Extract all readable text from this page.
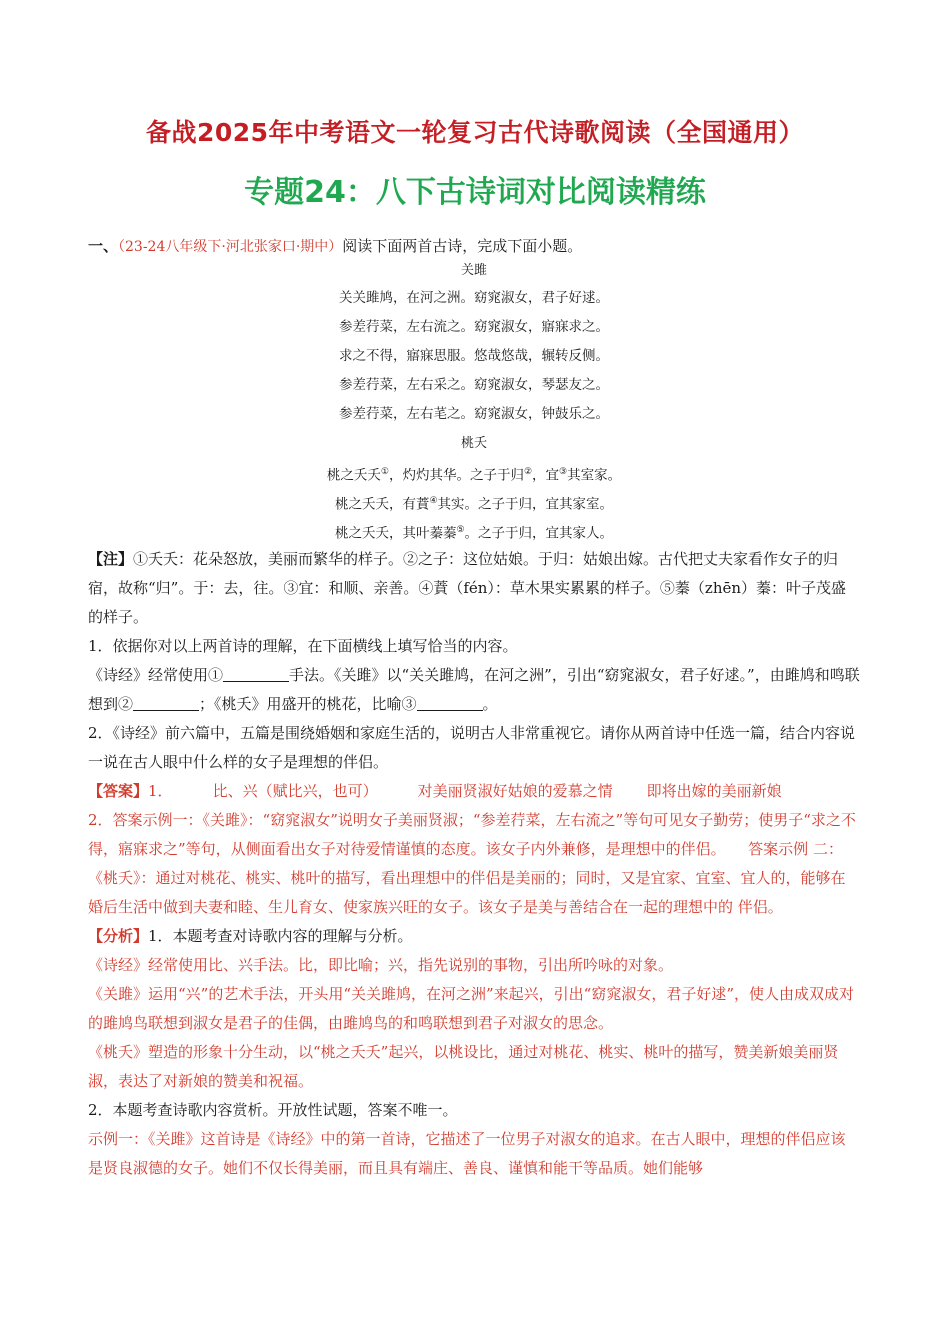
备战2025年中考语文一轮复习古代诗歌阅读（全国通用）
专题24：八下古诗词对比阅读精练
一、（23-24八年级下·河北张家口·期中）阅读下面两首古诗，完成下面小题。
关雎
关关雎鸠，在河之洲。窈窕淑女，君子好逑。
参差荇菜，左右流之。窈窕淑女，寤寐求之。
求之不得，寤寐思服。悠哉悠哉，辗转反侧。
参差荇菜，左右采之。窈窕淑女，琴瑟友之。
参差荇菜，左右芼之。窈窕淑女，钟鼓乐之。
桃夭
桃之夭夭①，灼灼其华。之子于归②，宜③其室家。
桃之夭夭，有蕡④其实。之子于归，宜其家室。
桃之夭夭，其叶蓁蓁⑤。之子于归，宜其家人。

【注】①夭夭：花朵怒放，美丽而繁华的样子。②之子：这位姑娘。于归：姑娘出嫁。古代把丈夫家看作女子的归宿，故称“归”。于：去，往。③宜：和顺、亲善。④蕡（fén）：草木果实累累的样子。⑤蓁（zhēn）蓁：叶子茂盛的样子。

1．依据你对以上两首诗的理解，在下面横线上填写恰当的内容。

《诗经》经常使用①	手法。《关雎》以“关关雎鸠，在河之洲”，引出“窈窕淑女，君子好逑。”，由雎鸠和鸣联想到②	；《桃夭》用盛开的桃花，比喻③	。

2．《诗经》前六篇中，五篇是围绕婚姻和家庭生活的，说明古人非常重视它。请你从两首诗中任选一篇，结合内容说一说在古人眼中什么样的女子是理想的伴侣。

【答案】1．	比、兴（赋比兴，也可）	对美丽贤淑好姑娘的爱慕之情 即将出嫁的美丽新娘

2．答案示例一：《关雎》：“窈窕淑女”说明女子美丽贤淑；“参差荇菜，左右流之”等句可见女子勤劳；使男子“求之不得，寤寐求之”等句，从侧面看出女子对待爱情谨慎的态度。该女子内外兼修，是理想中的伴侣。　　答案示例 二：《桃夭》：通过对桃花、桃实、桃叶的描写，看出理想中的伴侣是美丽的；同时，又是宜家、宜室、宜人的，能够在婚后生活中做到夫妻和睦、生儿育女、使家族兴旺的女子。该女子是美与善结合在一起的理想中的 伴侣。

【分析】1．本题考查对诗歌内容的理解与分析。

《诗经》经常使用比、兴手法。比，即比喻；兴，指先说别的事物，引出所吟咏的对象。

《关雎》运用“兴”的艺术手法，开头用“关关雎鸠，在河之洲”来起兴，引出“窈窕淑女，君子好逑”，使人由成双成对的雎鸠鸟联想到淑女是君子的佳偶，由雎鸠鸟的和鸣联想到君子对淑女的思念。

《桃夭》塑造的形象十分生动，以“桃之夭夭”起兴，以桃设比，通过对桃花、桃实、桃叶的描写，赞美新娘美丽贤淑，表达了对新娘的赞美和祝福。

2．本题考查诗歌内容赏析。开放性试题，答案不唯一。

示例一：《关雎》这首诗是《诗经》中的第一首诗，它描述了一位男子对淑女的追求。在古人眼中，理想的伴侣应该是贤良淑德的女子。她们不仅长得美丽，而且具有端庄、善良、谨慎和能干等品质。她们能够
